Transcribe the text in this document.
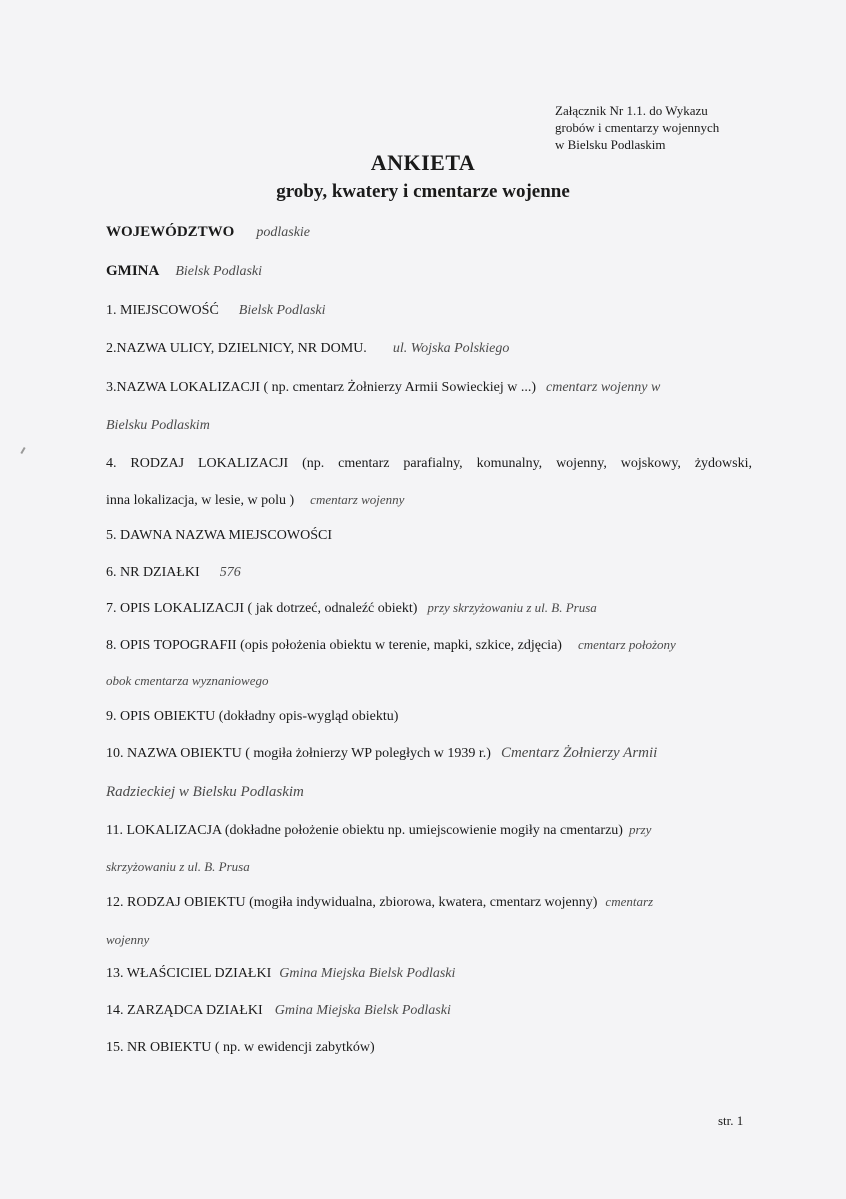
Załącznik Nr 1.1. do Wykazu
grobów i cmentarzy wojennych
w Bielsku Podlaskim
ANKIETA
groby, kwatery i cmentarze wojenne
WOJEWÓDZTWO podlaskie
GMINA Bielsk Podlaski
1. MIEJSCOWOŚĆ Bielsk Podlaski
2.NAZWA ULICY, DZIELNICY, NR DOMU. ul. Wojska Polskiego
3.NAZWA LOKALIZACJI ( np. cmentarz Żołnierzy Armii Sowieckiej w ...) cmentarz wojenny w
Bielsku Podlaskim
4. RODZAJ LOKALIZACJI (np. cmentarz parafialny, komunalny, wojenny, wojskowy, żydowski,
inna lokalizacja, w lesie, w polu ) cmentarz wojenny
5. DAWNA NAZWA MIEJSCOWOŚCI
6. NR DZIAŁKI 576
7. OPIS LOKALIZACJI ( jak dotrzeć, odnaleźć obiekt) przy skrzyżowaniu z ul. B. Prusa
8. OPIS TOPOGRAFII (opis położenia obiektu w terenie, mapki, szkice, zdjęcia) cmentarz położony
obok cmentarza wyznaniowego
9. OPIS OBIEKTU (dokładny opis-wygląd obiektu)
10. NAZWA OBIEKTU ( mogiła żołnierzy WP poległych w 1939 r.) Cmentarz Żołnierzy Armii
Radzieckiej w Bielsku Podlaskim
11. LOKALIZACJA (dokładne położenie obiektu np. umiejscowienie mogiły na cmentarzu) przy
skrzyżowaniu z ul. B. Prusa
12. RODZAJ OBIEKTU (mogiła indywidualna, zbiorowa, kwatera, cmentarz wojenny) cmentarz
wojenny
13. WŁAŚCICIEL DZIAŁKI Gmina Miejska Bielsk Podlaski
14. ZARZĄDCA DZIAŁKI Gmina Miejska Bielsk Podlaski
15. NR OBIEKTU ( np. w ewidencji zabytków)
str. 1
